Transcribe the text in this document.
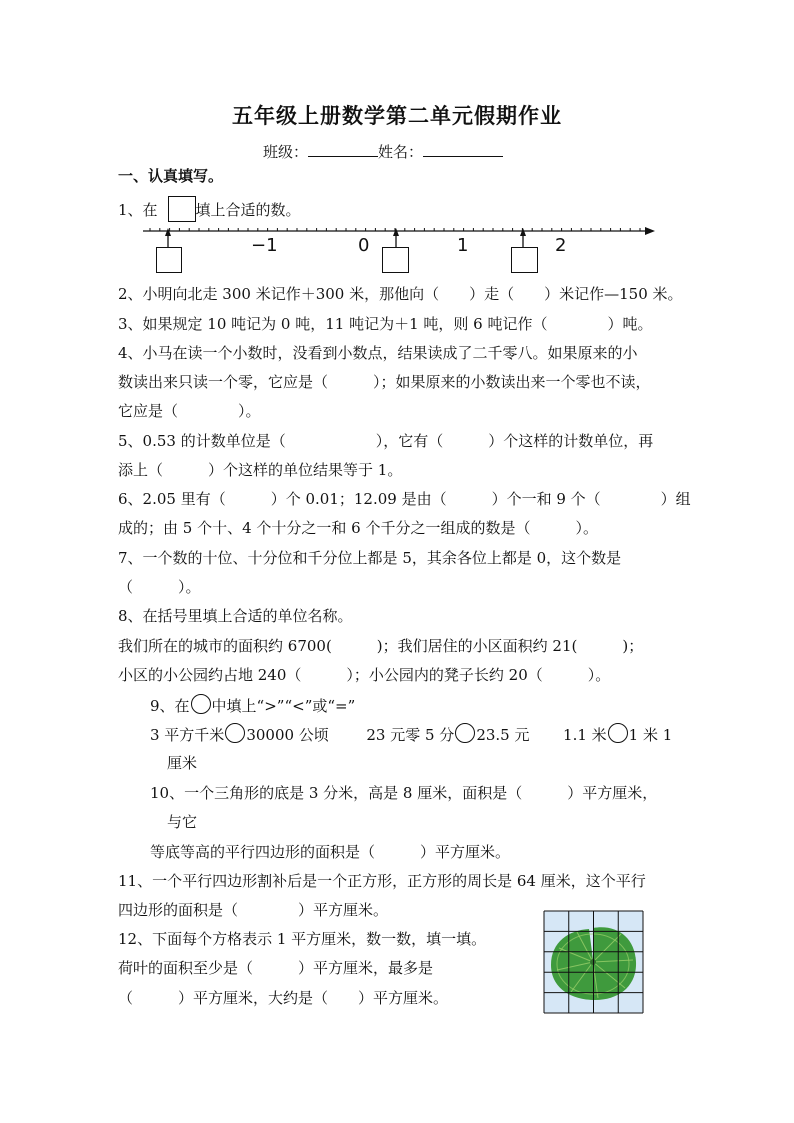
五年级上册数学第二单元假期作业
班级：	姓名：
一、认真填写。
1、在	填上合适的数。
−1	0	1	2
2、小明向北走 300 米记作＋300 米，那他向（　　）走（　　）米记作—150 米。
3、如果规定 10 吨记为 0 吨，11 吨记为＋1 吨，则 6 吨记作（　　　　）吨。
4、小马在读一个小数时，没看到小数点，结果读成了二千零八。如果原来的小
数读出来只读一个零，它应是（　　　）；如果原来的小数读出来一个零也不读，
它应是（　　　　）。
5、0.53 的计数单位是（　　　　　　），它有（　　　）个这样的计数单位，再
添上（　　　）个这样的单位结果等于 1。
6、2.05 里有（　　　）个 0.01；12.09 是由（　　　）个一和 9 个（　　　　）组
成的；由 5 个十、4 个十分之一和 6 个千分之一组成的数是（　　　）。
7、一个数的十位、十分位和千分位上都是 5，其余各位上都是 0，这个数是
（　　　）。
8、在括号里填上合适的单位名称。
我们所在的城市的面积约 6700(　　　)；我们居住的小区面积约 21(　　　)；
小区的小公园约占地 240（　　　）；小公园内的凳子长约 20（　　　）。
9、在 中填上“>”“<”或“=”
3 平方千米 30000 公顷	23 元零 5 分 23.5 元 1.1 米 1 米 1
厘米
10、一个三角形的底是 3 分米，高是 8 厘米，面积是（　　　）平方厘米，
与它
等底等高的平行四边形的面积是（　　　）平方厘米。
11、一个平行四边形割补后是一个正方形，正方形的周长是 64 厘米，这个平行
四边形的面积是（　　　　）平方厘米。
12、下面每个方格表示 1 平方厘米，数一数，填一填。
荷叶的面积至少是（　　　）平方厘米，最多是
（　　　）平方厘米，大约是（　　）平方厘米。
